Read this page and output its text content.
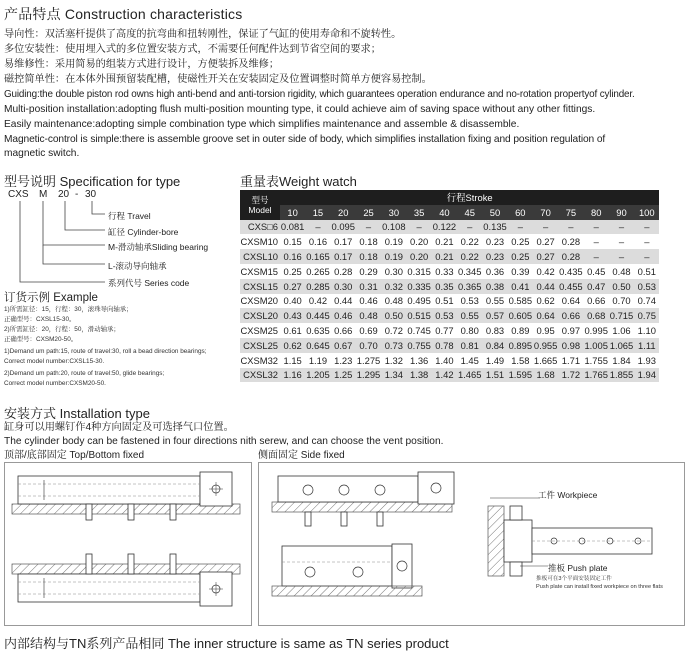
产品特点 Construction characteristics
导向性：双活塞杆提供了高度的抗弯曲和扭转刚性，保证了气缸的使用寿命和不旋转性。
多位安装性：使用埋入式的多位置安装方式，不需要任何配件达到节省空间的要求；
易维修性：采用简易的组装方式进行设计，方便装拆及维修；
磁控简单性：在本体外围预留装配槽，使磁性开关在安装固定及位置调整时简单方便容易控制。
Guiding:the double piston rod owns high anti-bend and anti-torsion rigidity, which guarantees operation endurance and no-rotation propertyof cylinder.
Multi-position installation:adopting flush multi-position mounting type, it could achieve aim of saving space without any other fittings.
Easily maintenance:adopting simple combination type which simplifies maintenance and assemble & disassemble.
Magnetic-control is simple:there is assemble groove set in outer side of body, which simplifies installation fixing and position regulation of
magnetic switch.
型号说明 Specification for type
CXS M 20 - 30
行程 Travel
缸径 Cylinder-bore
M-滑动轴承Sliding bearing
L-滚动导向轴承
系列代号 Series code
订货示例 Example
1)所需缸径：15，行程：30，滚珠导向轴承；
正确型号：CXSL15-30。
2)所需缸径：20，行程：50，滑动轴承；
正确型号：CXSM20-50。
1)Demand um path:15, route of travel:30, roll a bead direction bearings;
Correct model number:CXSL15-30.
2)Demand um path:20, route of travel:50, glide bearings;
Correct model number:CXSM20-50.
重量表Weight watch
型号
Model	行程Stroke														
	10	15	20	25	30	35	40	45	50	60	70	75	80	90	100
CXS□6	0.081	–	0.095	–	0.108	–	0.122	–	0.135	–	–	–	–	–	–
CXSM10	0.15	0.16	0.17	0.18	0.19	0.20	0.21	0.22	0.23	0.25	0.27	0.28	–	–	–
CXSL10	0.16	0.165	0.17	0.18	0.19	0.20	0.21	0.22	0.23	0.25	0.27	0.28	–	–	–
CXSM15	0.25	0.265	0.28	0.29	0.30	0.315	0.33	0.345	0.36	0.39	0.42	0.435	0.45	0.48	0.51
CXSL15	0.27	0.285	0.30	0.31	0.32	0.335	0.35	0.365	0.38	0.41	0.44	0.455	0.47	0.50	0.53
CXSM20	0.40	0.42	0.44	0.46	0.48	0.495	0.51	0.53	0.55	0.585	0.62	0.64	0.66	0.70	0.74
CXSL20	0.43	0.445	0.46	0.48	0.50	0.515	0.53	0.55	0.57	0.605	0.64	0.66	0.68	0.715	0.75
CXSM25	0.61	0.635	0.66	0.69	0.72	0.745	0.77	0.80	0.83	0.89	0.95	0.97	0.995	1.06	1.10
CXSL25	0.62	0.645	0.67	0.70	0.73	0.755	0.78	0.81	0.84	0.895	0.955	0.98	1.005	1.065	1.11
CXSM32	1.15	1.19	1.23	1.275	1.32	1.36	1.40	1.45	1.49	1.58	1.665	1.71	1.755	1.84	1.93
CXSL32	1.16	1.205	1.25	1.295	1.34	1.38	1.42	1.465	1.51	1.595	1.68	1.72	1.765	1.855	1.94
安装方式 Installation type
缸身可以用螺钉作4种方向固定及可选择气口位置。
The cylinder body can be fastened in four directions nith serew, and can choose the vent position.
顶部/底部固定 Top/Bottom fixed	侧面固定 Side fixed
工件 Workpiece
推板 Push plate
推板可在3个平面安装固定工件
Push plate can install fixed workpiece on three flats
内部结构与TN系列产品相同 The inner structure is same as TN series product
